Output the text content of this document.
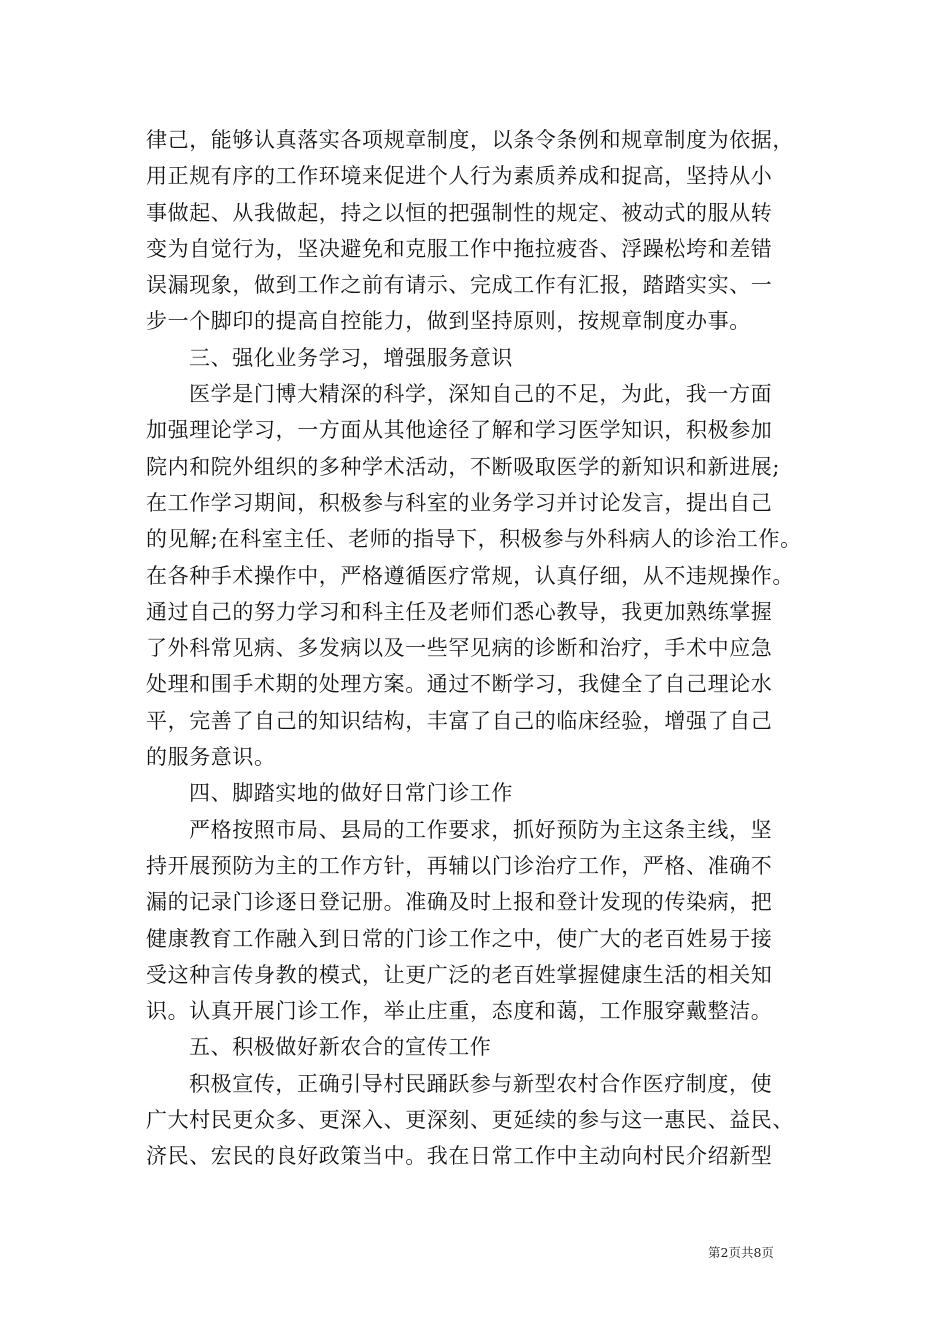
律己，能够认真落实各项规章制度，以条令条例和规章制度为依据，
用正规有序的工作环境来促进个人行为素质养成和捉高，坚持从小
事做起、从我做起，持之以恒的把强制性的规定、被动式的服从转
变为自觉行为，坚决避免和克服工作中拖拉疲沓、浮躁松垮和差错
误漏现象，做到工作之前有请示、完成工作有汇报，踏踏实实、一
步一个脚印的提高自控能力，做到坚持原则，按规章制度办事。
三、强化业务学习，增强服务意识
医学是门博大精深的科学，深知自己的不足，为此，我一方面
加强理论学习，一方面从其他途径了解和学习医学知识，积极参加
院内和院外组织的多种学术活动，不断吸取医学的新知识和新进展;
在工作学习期间，积极参与科室的业务学习并讨论发言，提出自己
的见解;在科室主任、老师的指导下，积极参与外科病人的诊治工作。
在各种手术操作中，严格遵循医疗常规，认真仔细，从不违规操作。
通过自己的努力学习和科主任及老师们悉心教导，我更加熟练掌握
了外科常见病、多发病以及一些罕见病的诊断和治疗，手术中应急
处理和围手术期的处理方案。通过不断学习，我健全了自己理论水
平，完善了自己的知识结构，丰富了自己的临床经验，增强了自己
的服务意识。
四、脚踏实地的做好日常门诊工作
严格按照市局、县局的工作要求，抓好预防为主这条主线，坚
持开展预防为主的工作方针，再辅以门诊治疗工作，严格、准确不
漏的记录门诊逐日登记册。准确及时上报和登计发现的传染病，把
健康教育工作融入到日常的门诊工作之中，使广大的老百姓易于接
受这种言传身教的模式，让更广泛的老百姓掌握健康生活的相关知
识。认真开展门诊工作，举止庄重，态度和蔼，工作服穿戴整洁。
五、积极做好新农合的宣传工作
积极宣传，正确引导村民踊跃参与新型农村合作医疗制度，使
广大村民更众多、更深入、更深刻、更延续的参与这一惠民、益民、
济民、宏民的良好政策当中。我在日常工作中主动向村民介绍新型
第2页共8页
